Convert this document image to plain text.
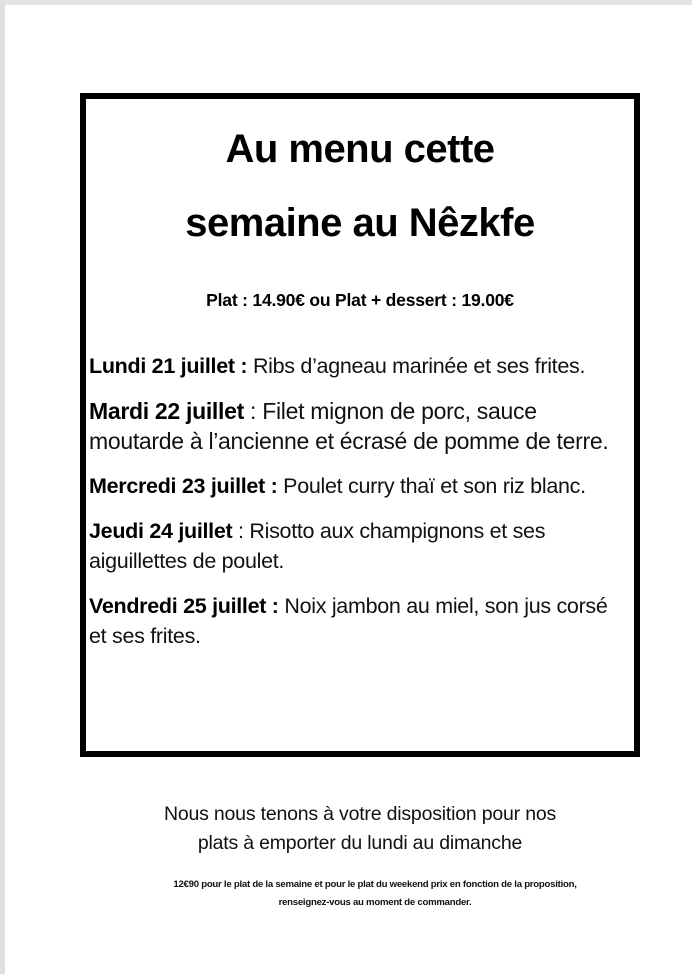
Au menu cette
semaine au Nêzkfe
Plat : 14.90€ ou Plat + dessert : 19.00€
Lundi 21 juillet : Ribs d’agneau marinée et ses frites.
Mardi 22 juillet : Filet mignon de porc, sauce moutarde à l’ancienne et écrasé de pomme de terre.
Mercredi 23 juillet : Poulet curry thaï et son riz blanc.
Jeudi 24 juillet : Risotto aux champignons et ses aiguillettes de poulet.
Vendredi 25 juillet : Noix jambon au miel, son jus corsé et ses frites.
Nous nous tenons à votre disposition pour nos
plats à emporter du lundi au dimanche
12€90 pour le plat de la semaine et pour le plat du weekend prix en fonction de la proposition,
renseignez-vous au moment de commander.
